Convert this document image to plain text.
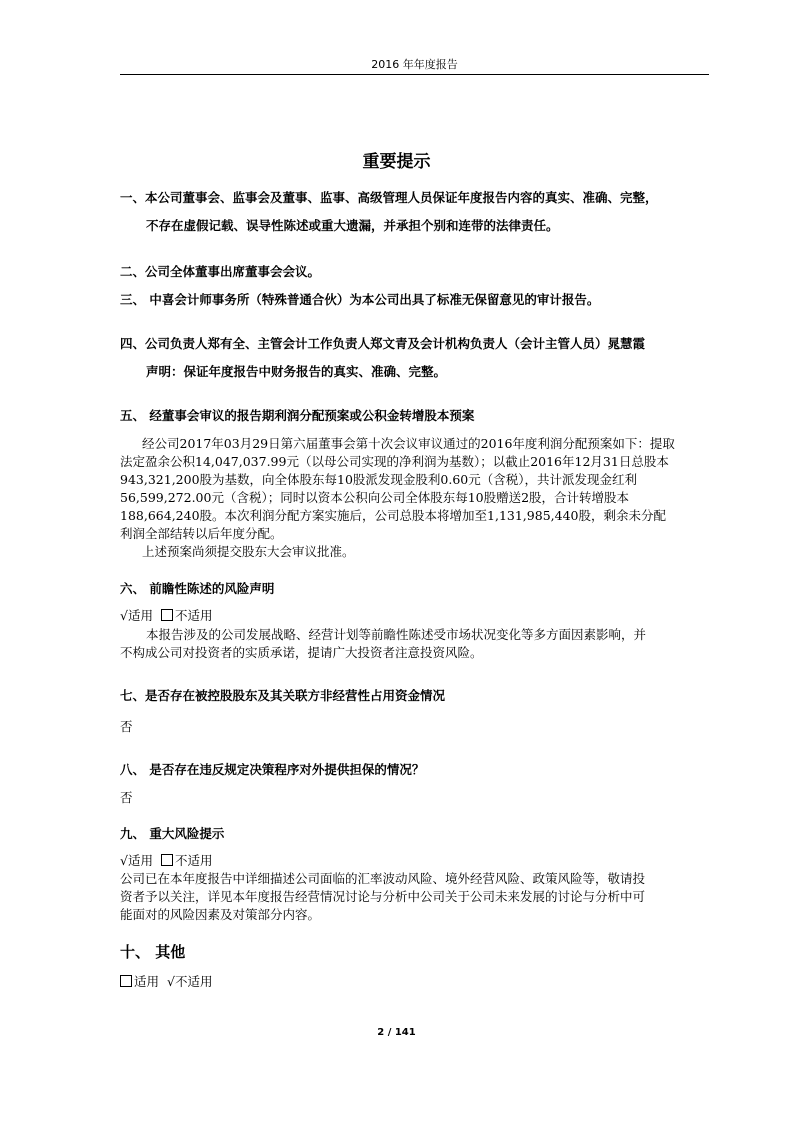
2016 年年度报告
重要提示
一、本公司董事会、监事会及董事、监事、高级管理人员保证年度报告内容的真实、准确、完整，
不存在虚假记载、误导性陈述或重大遗漏，并承担个别和连带的法律责任。
二、公司全体董事出席董事会会议。
三、 中喜会计师事务所（特殊普通合伙）为本公司出具了标准无保留意见的审计报告。
四、公司负责人郑有全、主管会计工作负责人郑文青及会计机构负责人（会计主管人员）晁慧霞
声明：保证年度报告中财务报告的真实、准确、完整。
五、 经董事会审议的报告期利润分配预案或公积金转增股本预案
经公司2017年03月29日第六届董事会第十次会议审议通过的2016年度利润分配预案如下：提取
法定盈余公积14,047,037.99元（以母公司实现的净利润为基数）；以截止2016年12月31日总股本
943,321,200股为基数，向全体股东每10股派发现金股利0.60元（含税），共计派发现金红利
56,599,272.00元（含税）；同时以资本公积向公司全体股东每10股赠送2股，合计转增股本
188,664,240股。本次利润分配方案实施后，公司总股本将增加至1,131,985,440股，剩余未分配
利润全部结转以后年度分配。
上述预案尚须提交股东大会审议批准。
六、 前瞻性陈述的风险声明
√适用 不适用
本报告涉及的公司发展战略、经营计划等前瞻性陈述受市场状况变化等多方面因素影响，并
不构成公司对投资者的实质承诺，提请广大投资者注意投资风险。
七、是否存在被控股股东及其关联方非经营性占用资金情况
否
八、 是否存在违反规定决策程序对外提供担保的情况？
否
九、 重大风险提示
√适用 不适用
公司已在本年度报告中详细描述公司面临的汇率波动风险、境外经营风险、政策风险等，敬请投
资者予以关注，详见本年度报告经营情况讨论与分析中公司关于公司未来发展的讨论与分析中可
能面对的风险因素及对策部分内容。
十、 其他
适用 √不适用
2 / 141
